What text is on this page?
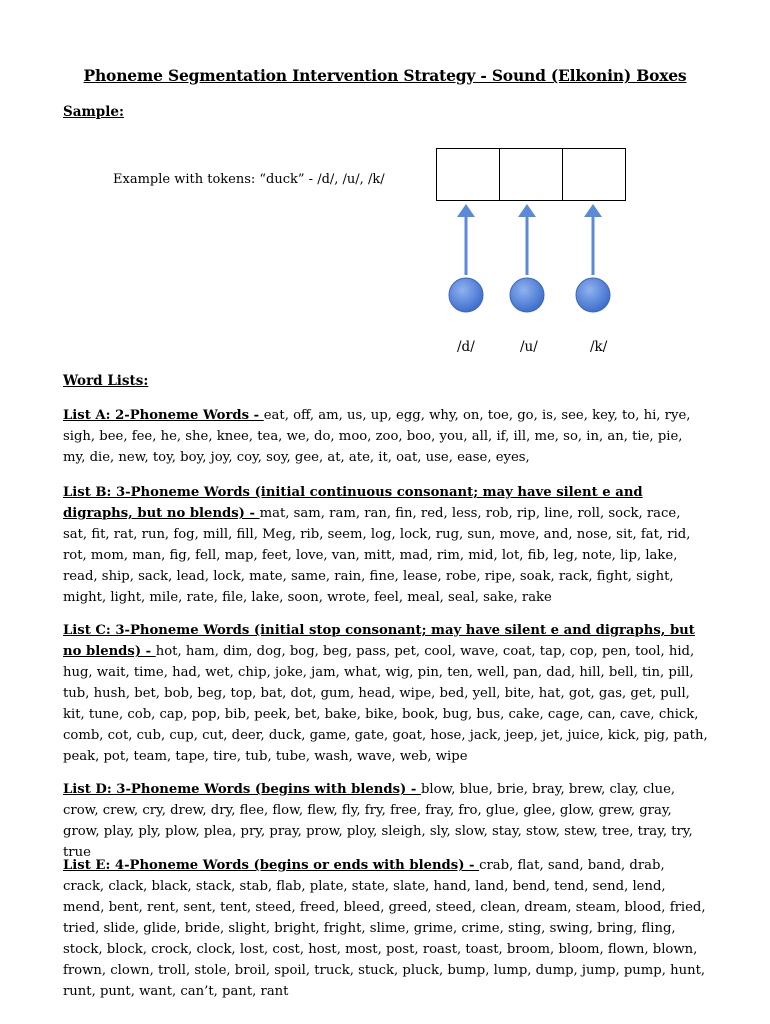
Phoneme Segmentation Intervention Strategy - Sound (Elkonin) Boxes
Sample:
Example with tokens: “duck” - /d/, /u/, /k/
/d/	/u/	/k/
Word Lists:
List A: 2-Phoneme Words - eat, off, am, us, up, egg, why, on, toe, go, is, see, key, to, hi, rye, sigh, bee, fee, he, she, knee, tea, we, do, moo, zoo, boo, you, all, if, ill, me, so, in, an, tie, pie, my, die, new, toy, boy, joy, coy, soy, gee, at, ate, it, oat, use, ease, eyes,
List B: 3-Phoneme Words (initial continuous consonant; may have silent e and digraphs, but no blends) - mat, sam, ram, ran, fin, red, less, rob, rip, line, roll, sock, race, sat, fit, rat, run, fog, mill, fill, Meg, rib, seem, log, lock, rug, sun, move, and, nose, sit, fat, rid, rot, mom, man, fig, fell, map, feet, love, van, mitt, mad, rim, mid, lot, fib, leg, note, lip, lake, read, ship, sack, lead, lock, mate, same, rain, fine, lease, robe, ripe, soak, rack, fight, sight, might, light, mile, rate, file, lake, soon, wrote, feel, meal, seal, sake, rake
List C: 3-Phoneme Words (initial stop consonant; may have silent e and digraphs, but no blends) - hot, ham, dim, dog, bog, beg, pass, pet, cool, wave, coat, tap, cop, pen, tool, hid, hug, wait, time, had, wet, chip, joke, jam, what, wig, pin, ten, well, pan, dad, hill, bell, tin, pill, tub, hush, bet, bob, beg, top, bat, dot, gum, head, wipe, bed, yell, bite, hat, got, gas, get, pull, kit, tune, cob, cap, pop, bib, peek, bet, bake, bike, book, bug, bus, cake, cage, can, cave, chick, comb, cot, cub, cup, cut, deer, duck, game, gate, goat, hose, jack, jeep, jet, juice, kick, pig, path, peak, pot, team, tape, tire, tub, tube, wash, wave, web, wipe
List D: 3-Phoneme Words (begins with blends) - blow, blue, brie, bray, brew, clay, clue, crow, crew, cry, drew, dry, flee, flow, flew, fly, fry, free, fray, fro, glue, glee, glow, grew, gray, grow, play, ply, plow, plea, pry, pray, prow, ploy, sleigh, sly, slow, stay, stow, stew, tree, tray, try, true
List E: 4-Phoneme Words (begins or ends with blends) - crab, flat, sand, band, drab, crack, clack, black, stack, stab, flab, plate, state, slate, hand, land, bend, tend, send, lend, mend, bent, rent, sent, tent, steed, freed, bleed, greed, steed, clean, dream, steam, blood, fried, tried, slide, glide, bride, slight, bright, fright, slime, grime, crime, sting, swing, bring, fling, stock, block, crock, clock, lost, cost, host, most, post, roast, toast, broom, bloom, flown, blown, frown, clown, troll, stole, broil, spoil, truck, stuck, pluck, bump, lump, dump, jump, pump, hunt, runt, punt, want, can’t, pant, rant
